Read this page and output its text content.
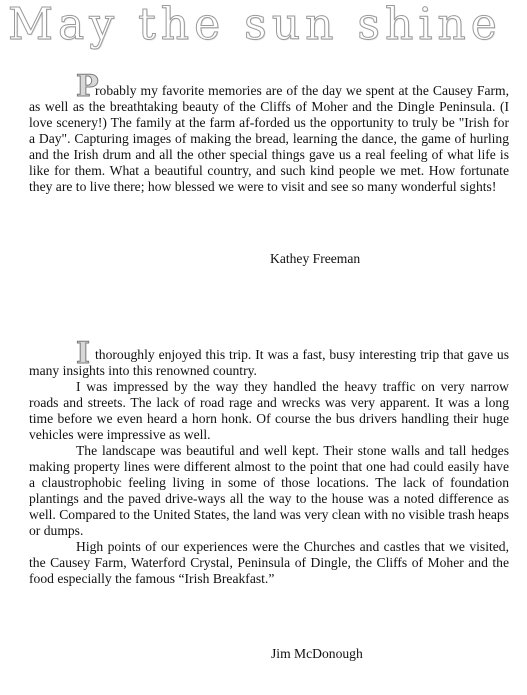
May the sun shine

P
robably my favorite memories are of the day we spent at the Causey Farm, as well as the breathtaking beauty of the Cliffs of Moher and the Dingle Peninsula. (I love scenery!) The family at the farm af-forded us the opportunity to truly be "Irish for a Day". Capturing images of making the bread, learning the dance, the game of hurling and the Irish drum and all the other special things gave us a real feeling of what life is like for them. What a beautiful country, and such kind people we met. How fortunate they are to live there; how blessed we were to visit and see so many wonderful sights!

Kathey Freeman

I thoroughly enjoyed this trip. It was a fast, busy interesting trip that gave us many insights into this renowned country.

I was impressed by the way they handled the heavy traffic on very narrow roads and streets. The lack of road rage and wrecks was very apparent. It was a long time before we even heard a horn honk. Of course the bus drivers handling their huge vehicles were impressive as well.

The landscape was beautiful and well kept. Their stone walls and tall hedges making property lines were different almost to the point that one had could easily have a claustrophobic feeling living in some of those locations. The lack of foundation plantings and the paved drive-ways all the way to the house was a noted difference as well. Compared to the United States, the land was very clean with no visible trash heaps or dumps.

High points of our experiences were the Churches and castles that we visited, the Causey Farm, Waterford Crystal, Peninsula of Dingle, the Cliffs of Moher and the food especially the famous “Irish Breakfast.”

Jim McDonough
